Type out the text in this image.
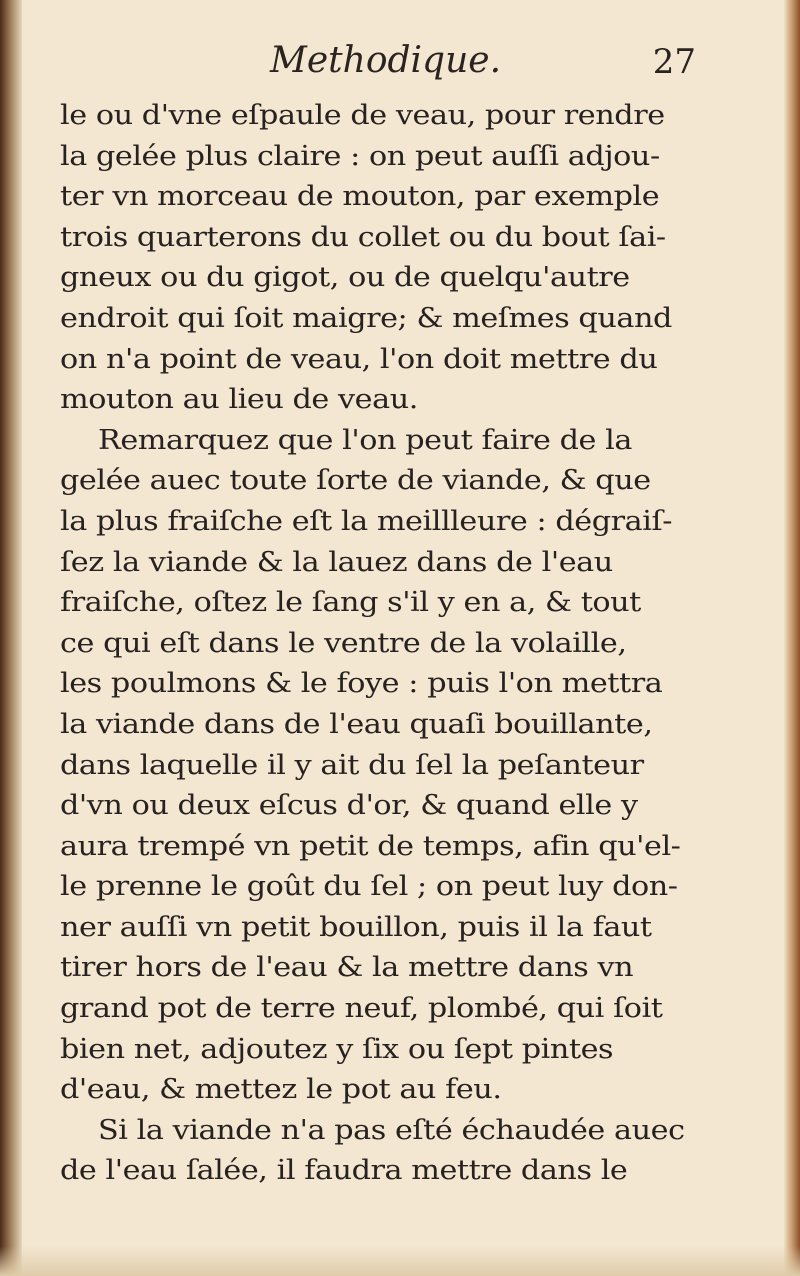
Methodique.	27
le ou d'vne eſpaule de veau, pour rendre
la gelée plus claire : on peut auſſi adjou-
ter vn morceau de mouton, par exemple
trois quarterons du collet ou du bout ſai-
gneux ou du gigot, ou de quelqu'autre
endroit qui ſoit maigre; & meſmes quand
on n'a point de veau, l'on doit mettre du
mouton au lieu de veau.
Remarquez que l'on peut faire de la
gelée auec toute ſorte de viande, & que
la plus fraiſche eſt la meillleure : dégraiſ-
ſez la viande & la lauez dans de l'eau
fraiſche, oſtez le ſang s'il y en a, & tout
ce qui eſt dans le ventre de la volaille,
les poulmons & le foye : puis l'on mettra
la viande dans de l'eau quaſi bouillante,
dans laquelle il y ait du ſel la peſanteur
d'vn ou deux eſcus d'or, & quand elle y
aura trempé vn petit de temps, afin qu'el-
le prenne le goût du ſel ; on peut luy don-
ner auſſi vn petit bouillon, puis il la faut
tirer hors de l'eau & la mettre dans vn
grand pot de terre neuf, plombé, qui ſoit
bien net, adjoutez y ſix ou ſept pintes
d'eau, & mettez le pot au feu.
Si la viande n'a pas eſté échaudée auec
de l'eau ſalée, il faudra mettre dans le
